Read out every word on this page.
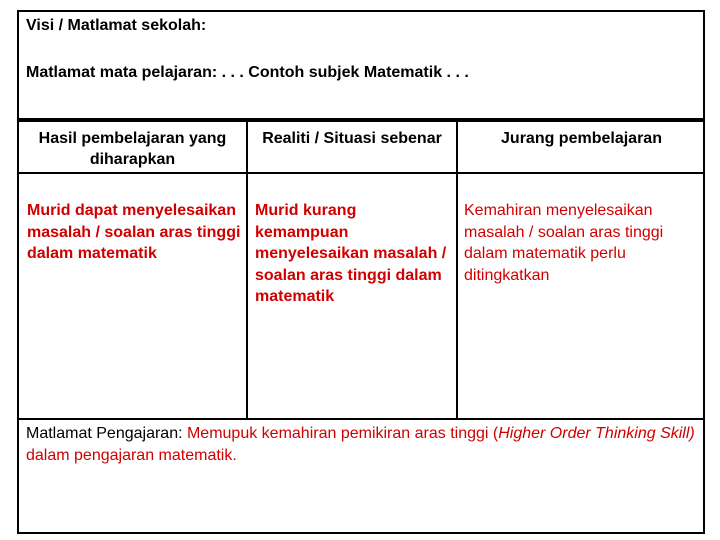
Visi / Matlamat sekolah:
Matlamat mata pelajaran: . . . Contoh subjek Matematik . . .
Hasil pembelajaran yang diharapkan
Realiti / Situasi sebenar	Jurang pembelajaran
Murid dapat menyelesaikan masalah / soalan aras tinggi dalam matematik
Murid kurang kemampuan menyelesaikan masalah / soalan aras tinggi dalam matematik
Kemahiran menyelesaikan masalah / soalan aras tinggi dalam matematik perlu ditingkatkan
Matlamat Pengajaran: Memupuk kemahiran pemikiran aras tinggi (Higher Order Thinking Skill) dalam pengajaran matematik.
